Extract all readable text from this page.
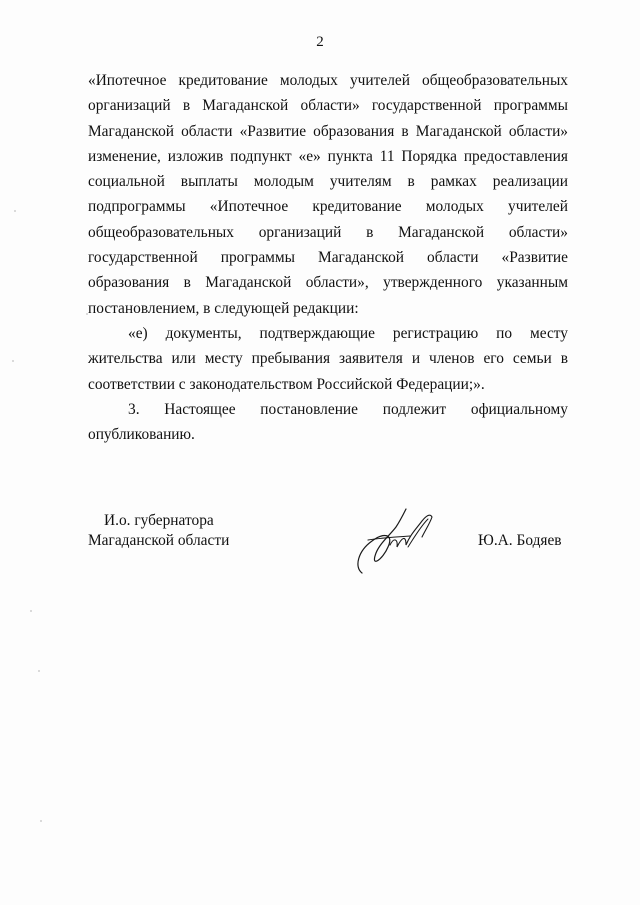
2

«Ипотечное кредитование молодых учителей общеобразовательных организаций в Магаданской области» государственной программы Магаданской области «Развитие образования в Магаданской области» изменение, изложив подпункт «е» пункта 11 Порядка предоставления социальной выплаты молодым учителям в рамках реализации подпрограммы «Ипотечное кредитование молодых учителей общеобразовательных организаций в Магаданской области» государственной программы Магаданской области «Развитие образования в Магаданской области», утвержденного указанным постановлением, в следующей редакции:

«е) документы, подтверждающие регистрацию по месту жительства или месту пребывания заявителя и членов его семьи в соответствии с законодательством Российской Федерации;».

3. Настоящее постановление подлежит официальному опубликованию.

И.о. губернатора
Магаданской области	Ю.А. Бодяев
